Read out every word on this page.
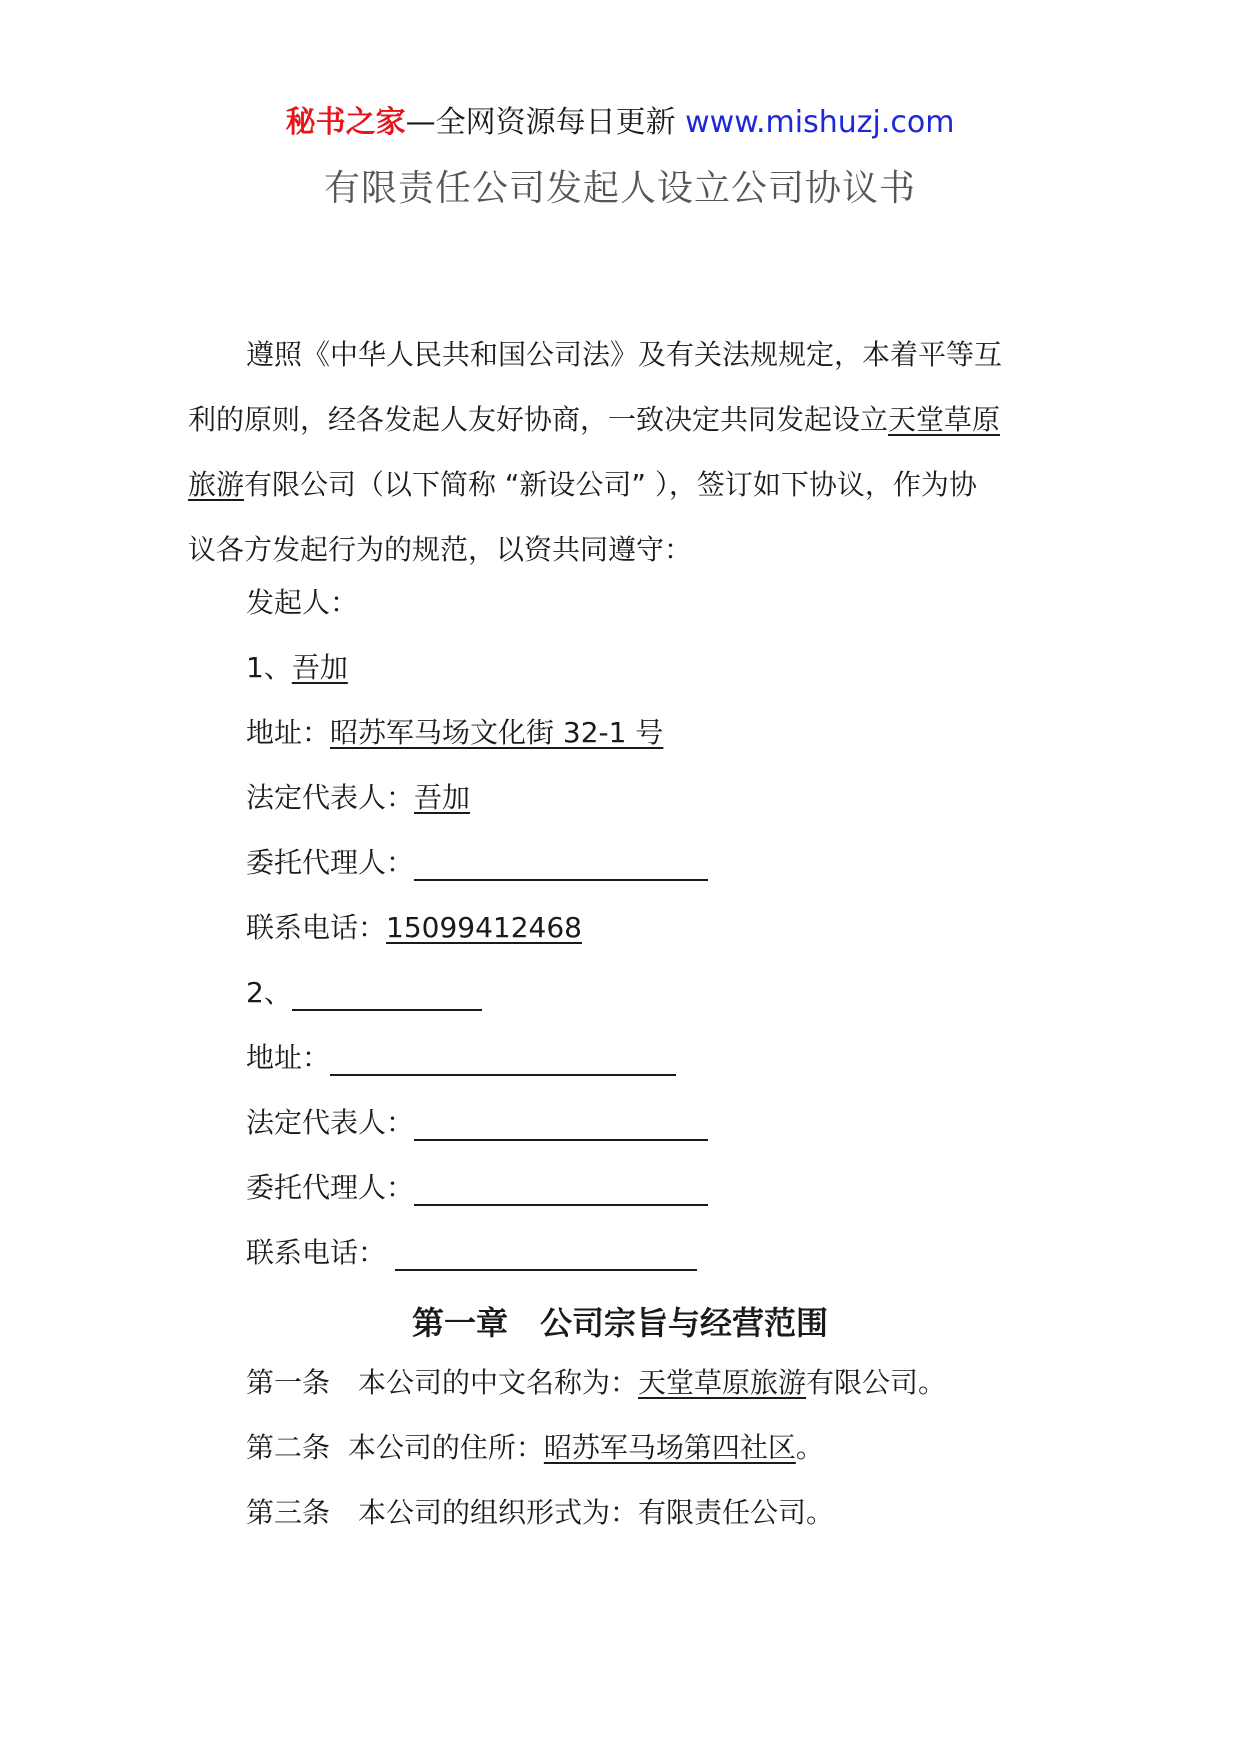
秘书之家—全网资源每日更新 www.mishuzj.com
有限责任公司发起人设立公司协议书
遵照《中华人民共和国公司法》及有关法规规定，本着平等互
利的原则，经各发起人友好协商，一致决定共同发起设立天堂草原
旅游有限公司（以下简称 “新设公司” ），签订如下协议，作为协
议各方发起行为的规范，以资共同遵守：
发起人：
1、吾加
地址：昭苏军马场文化街 32-1 号
法定代表人：吾加
委托代理人：
联系电话：15099412468
2、
地址：
法定代表人：
委托代理人：
联系电话：
第一章　公司宗旨与经营范围
第一条　本公司的中文名称为：天堂草原旅游有限公司。
第二条  本公司的住所：昭苏军马场第四社区。
第三条　本公司的组织形式为：有限责任公司。
